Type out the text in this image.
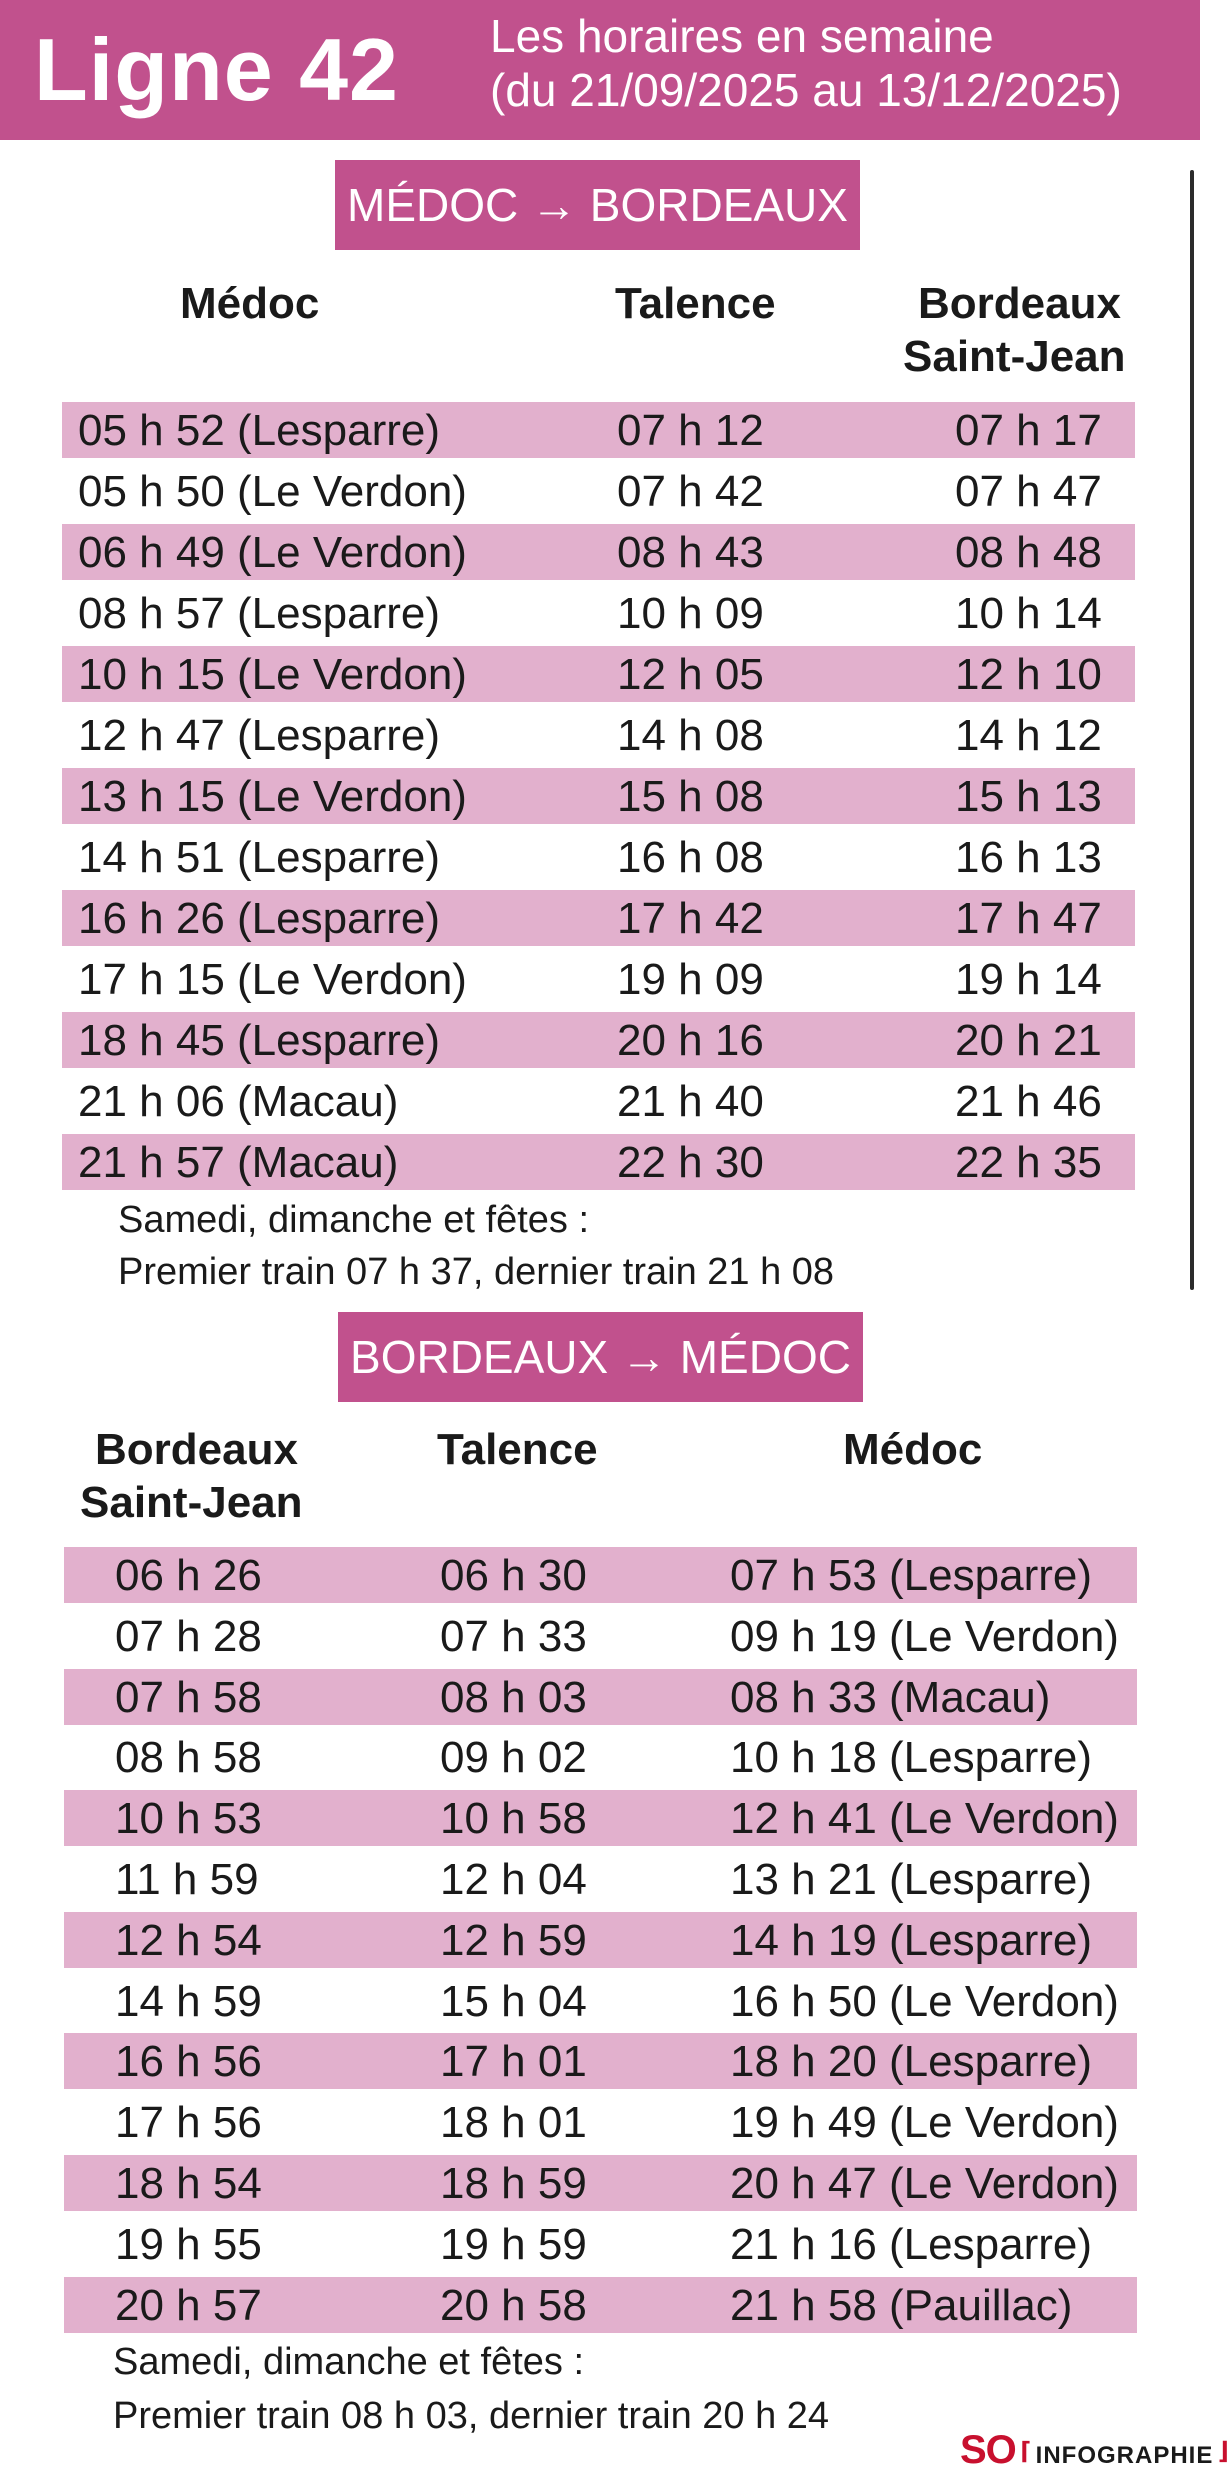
Ligne 42 Les horaires en semaine
(du 21/09/2025 au 13/12/2025)
MÉDOC → BORDEAUX
Médoc	Talence	Bordeaux
Saint-Jean
05 h 52 (Lesparre)	07 h 12	07 h 17
05 h 50 (Le Verdon)	07 h 42	07 h 47
06 h 49 (Le Verdon)	08 h 43	08 h 48
08 h 57 (Lesparre)	10 h 09	10 h 14
10 h 15 (Le Verdon)	12 h 05	12 h 10
12 h 47 (Lesparre)	14 h 08	14 h 12
13 h 15 (Le Verdon)	15 h 08	15 h 13
14 h 51 (Lesparre)	16 h 08	16 h 13
16 h 26 (Lesparre)	17 h 42	17 h 47
17 h 15 (Le Verdon)	19 h 09	19 h 14
18 h 45 (Lesparre)	20 h 16	20 h 21
21 h 06 (Macau)	21 h 40	21 h 46
21 h 57 (Macau)	22 h 30	22 h 35
Samedi, dimanche et fêtes :
Premier train 07 h 37, dernier train 21 h 08
BORDEAUX → MÉDOC
Bordeaux
Saint-Jean
Talence	Médoc
06 h 26	06 h 30	07 h 53 (Lesparre)
07 h 28	07 h 33	09 h 19 (Le Verdon)
07 h 58	08 h 03	08 h 33 (Macau)
08 h 58	09 h 02	10 h 18 (Lesparre)
10 h 53	10 h 58	12 h 41 (Le Verdon)
11 h 59	12 h 04	13 h 21 (Lesparre)
12 h 54	12 h 59	14 h 19 (Lesparre)
14 h 59	15 h 04	16 h 50 (Le Verdon)
16 h 56	17 h 01	18 h 20 (Lesparre)
17 h 56	18 h 01	19 h 49 (Le Verdon)
18 h 54	18 h 59	20 h 47 (Le Verdon)
19 h 55	19 h 59	21 h 16 (Lesparre)
20 h 57	20 h 58	21 h 58 (Pauillac)
Samedi, dimanche et fêtes :
Premier train 08 h 03, dernier train 20 h 24
SO ⌈ INFOGRAPHIE ⌋
